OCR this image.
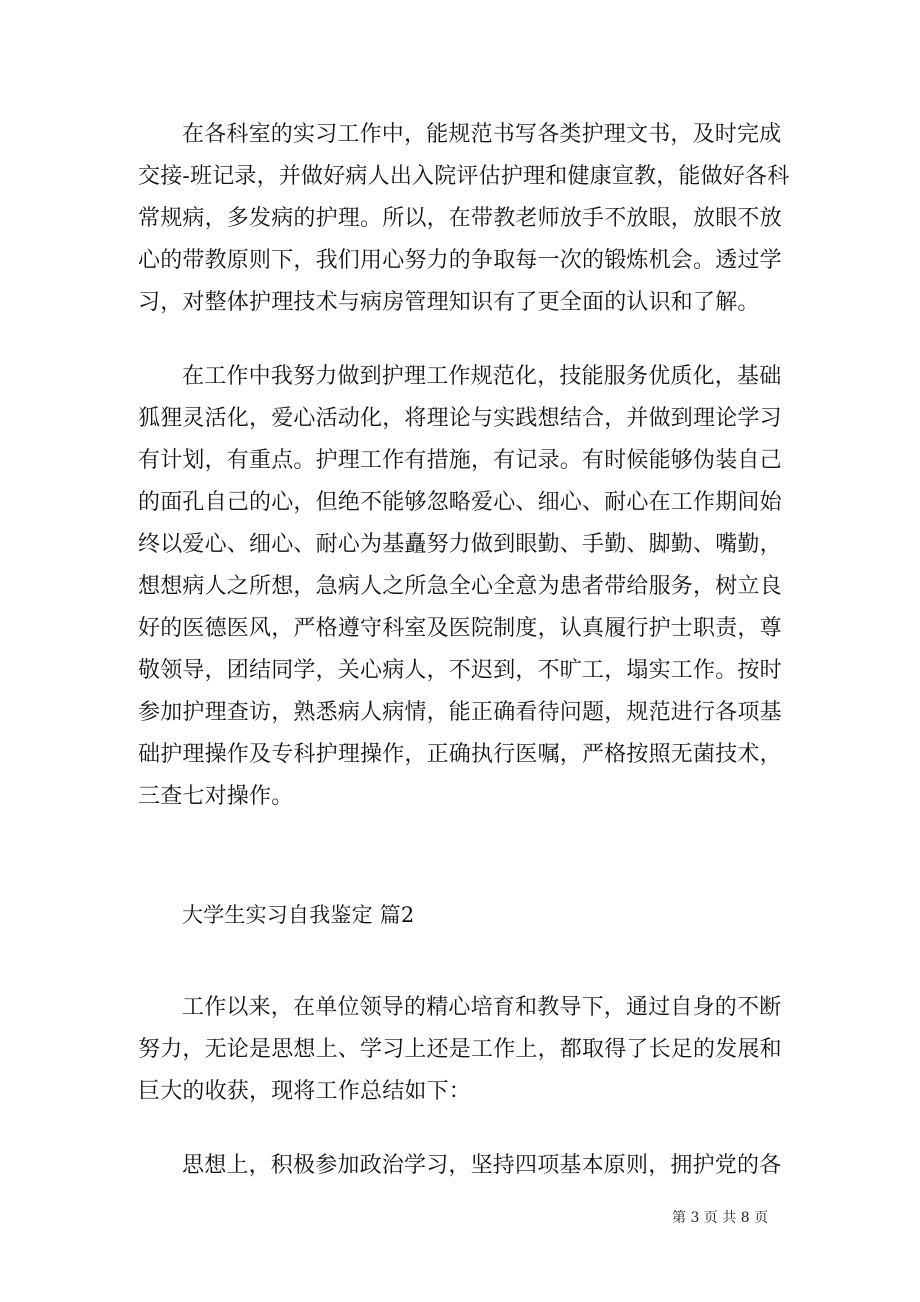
在各科室的实习工作中，能规范书写各类护理文书，及时完成
交接-班记录，并做好病人出入院评估护理和健康宣教，能做好各科
常规病，多发病的护理。所以，在带教老师放手不放眼，放眼不放
心的带教原则下，我们用心努力的争取每一次的锻炼机会。透过学
习，对整体护理技术与病房管理知识有了更全面的认识和了解。
在工作中我努力做到护理工作规范化，技能服务优质化，基础
狐狸灵活化，爱心活动化，将理论与实践想结合，并做到理论学习
有计划，有重点。护理工作有措施，有记录。有时候能够伪装自己
的面孔自己的心，但绝不能够忽略爱心、细心、耐心在工作期间始
终以爱心、细心、耐心为基矗努力做到眼勤、手勤、脚勤、嘴勤，
想想病人之所想，急病人之所急全心全意为患者带给服务，树立良
好的医德医风，严格遵守科室及医院制度，认真履行护士职责，尊
敬领导，团结同学，关心病人，不迟到，不旷工，塌实工作。按时
参加护理查访，熟悉病人病情，能正确看待问题，规范进行各项基
础护理操作及专科护理操作，正确执行医嘱，严格按照无菌技术，
三查七对操作。
大学生实习自我鉴定 篇2
工作以来，在单位领导的精心培育和教导下，通过自身的不断
努力，无论是思想上、学习上还是工作上，都取得了长足的发展和
巨大的收获，现将工作总结如下：
思想上，积极参加政治学习，坚持四项基本原则，拥护党的各
第 3 页 共 8 页
